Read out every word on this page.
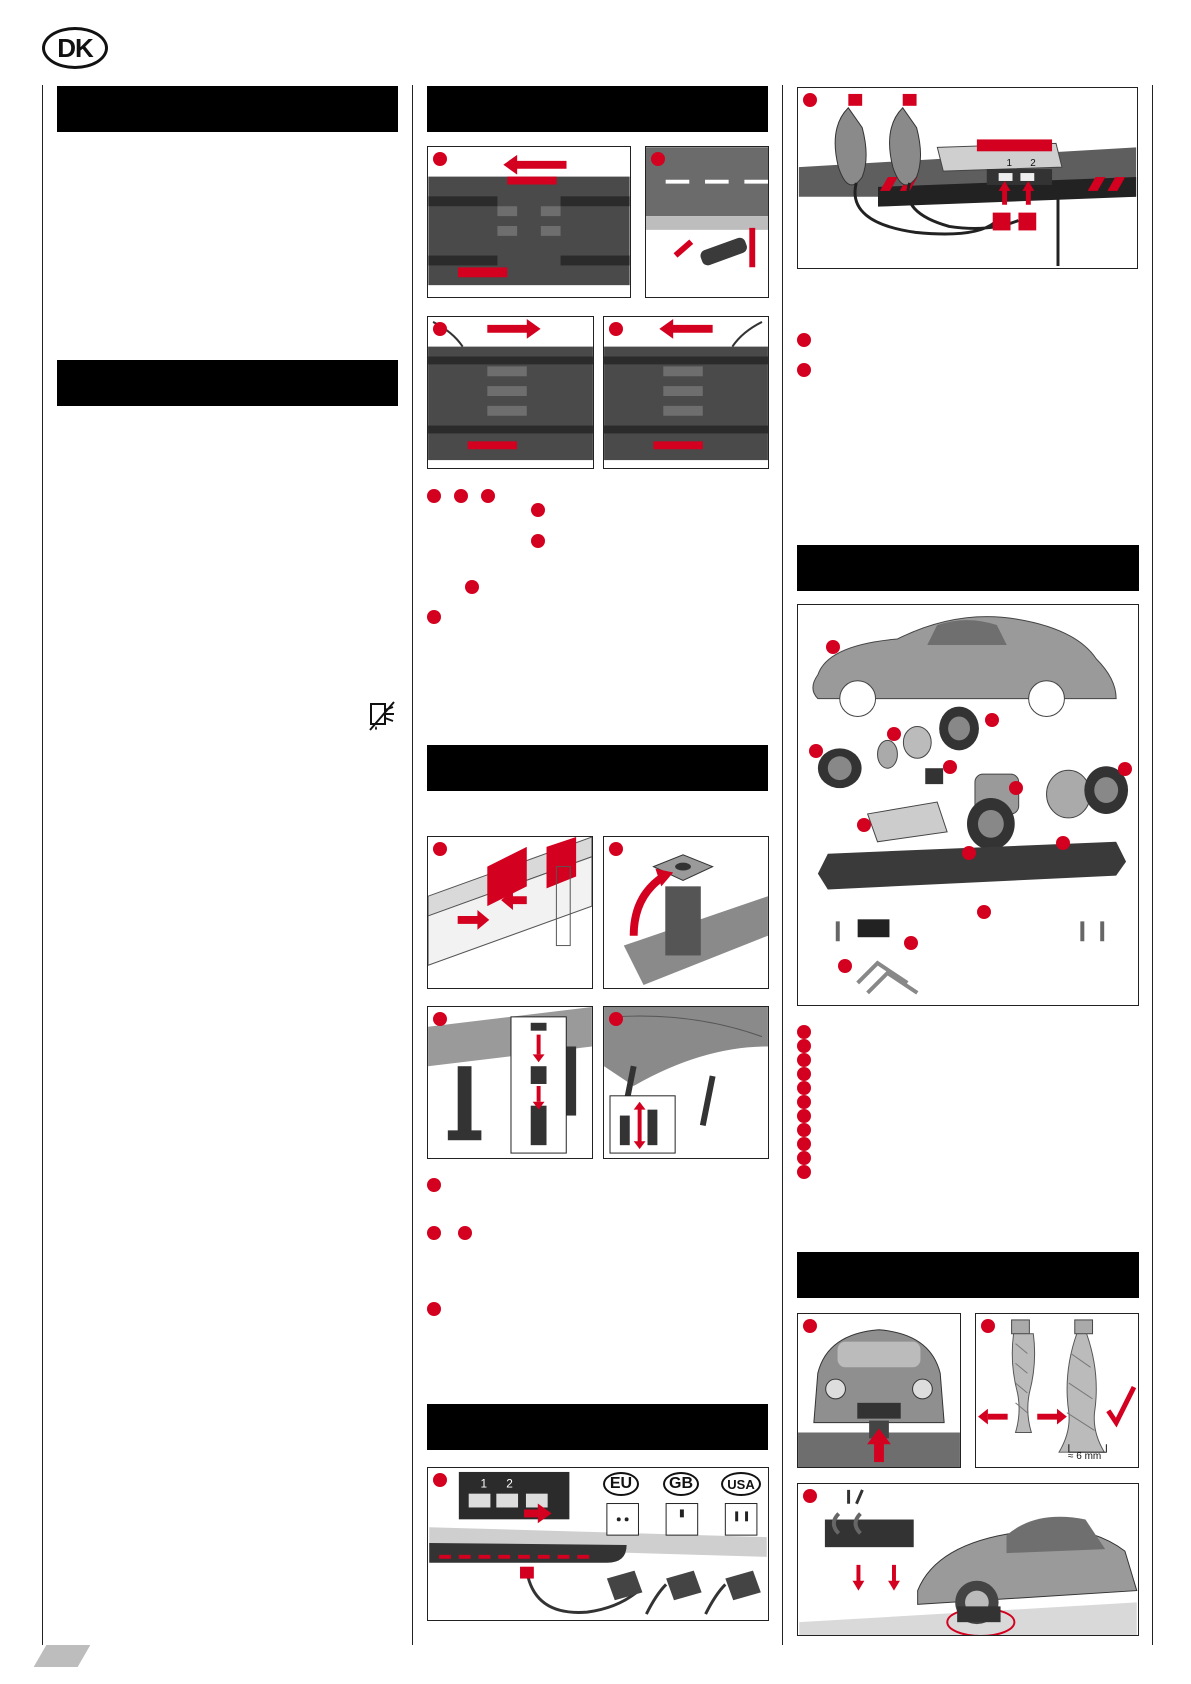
DK
1 2	EU	GB	USA
1 2
≈ 6 mm
